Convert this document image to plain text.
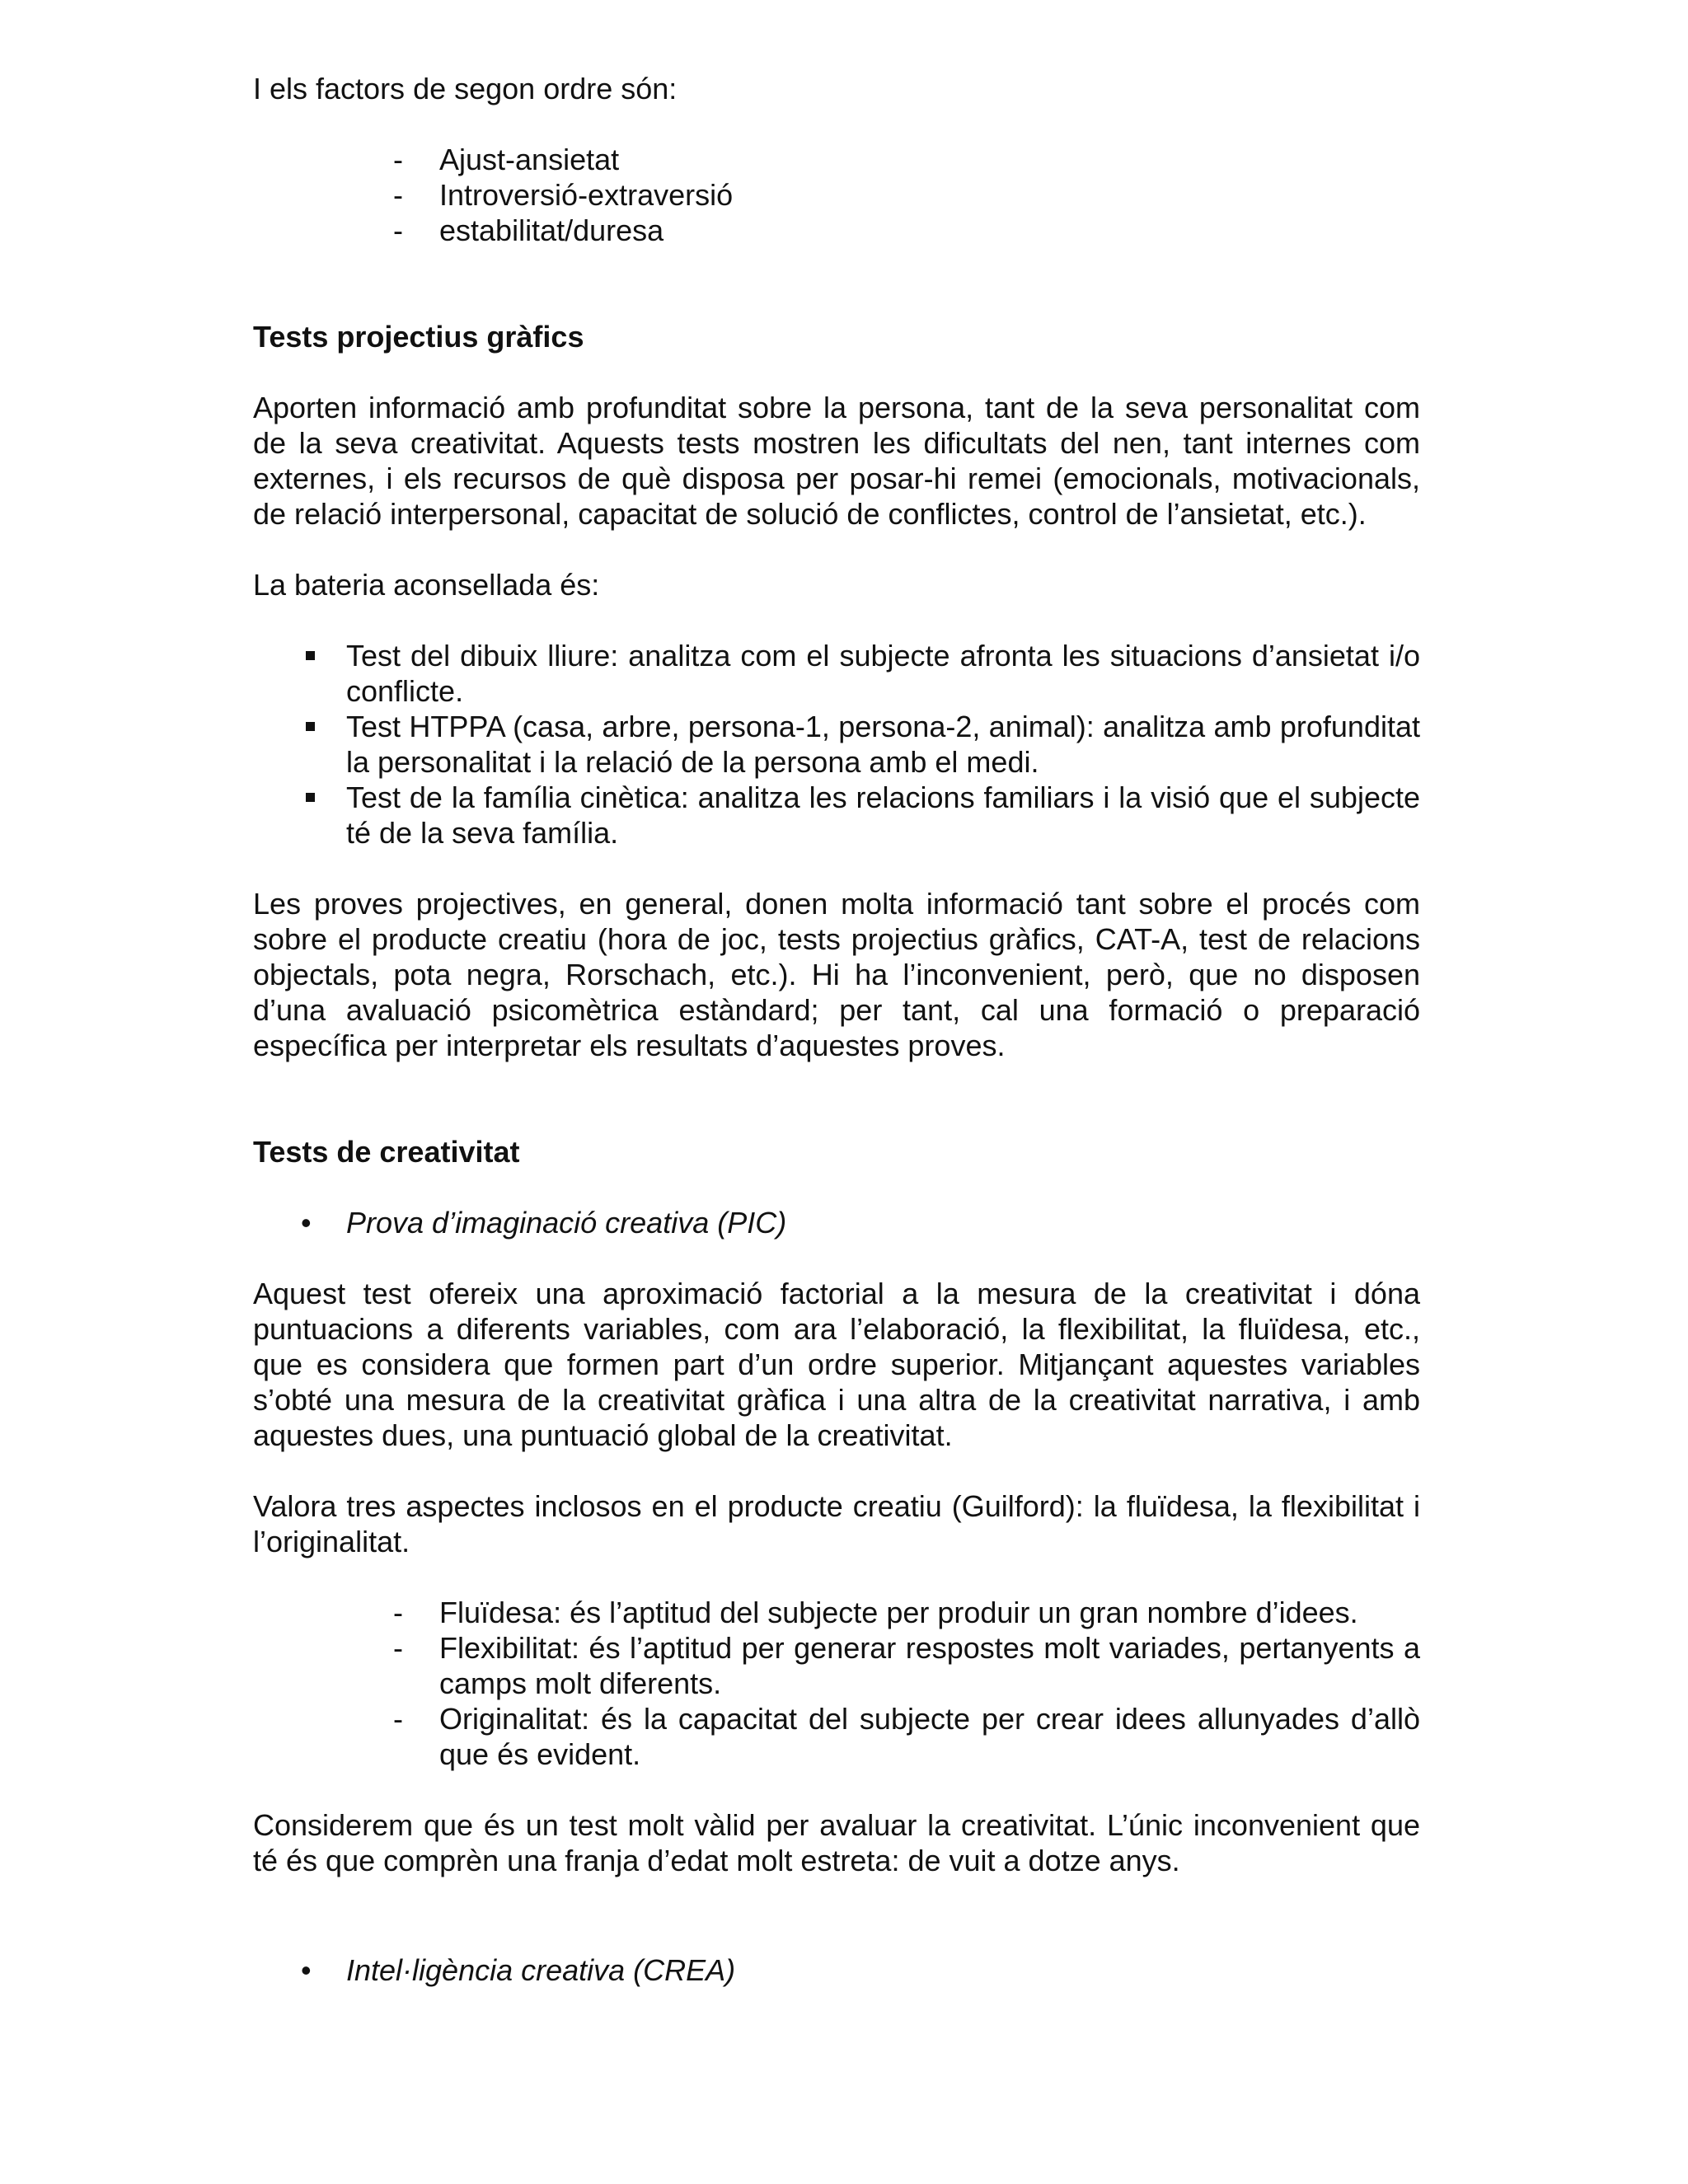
I els factors de segon ordre són:

- Ajust-ansietat
- Introversió-extraversió
- estabilitat/duresa

Tests projectius gràfics

Aporten informació amb profunditat sobre la persona, tant de la seva personalitat com de la seva creativitat. Aquests tests mostren les dificultats del nen, tant internes com externes, i els recursos de què disposa per posar-hi remei (emocionals, motivacionals, de relació interpersonal, capacitat de solució de conflictes, control de l’ansietat, etc.).

La bateria aconsellada és:

Test del dibuix lliure: analitza com el subjecte afronta les situacions d’ansietat i/o conflicte.
Test HTPPA (casa, arbre, persona-1, persona-2, animal): analitza amb profunditat la personalitat i la relació de la persona amb el medi.
Test de la família cinètica: analitza les relacions familiars i la visió que el subjecte té de la seva família.

Les proves projectives, en general, donen molta informació tant sobre el procés com sobre el producte creatiu (hora de joc, tests projectius gràfics, CAT-A, test de relacions objectals, pota negra, Rorschach, etc.). Hi ha l’inconvenient, però, que no disposen d’una avaluació psicomètrica estàndard; per tant, cal una formació o preparació específica per interpretar els resultats d’aquestes proves.

Tests de creativitat

• Prova d’imaginació creativa (PIC)

Aquest test ofereix una aproximació factorial a la mesura de la creativitat i dóna puntuacions a diferents variables, com ara l’elaboració, la flexibilitat, la fluïdesa, etc., que es considera que formen part d’un ordre superior. Mitjançant aquestes variables s’obté una mesura de la creativitat gràfica i una altra de la creativitat narrativa, i amb aquestes dues, una puntuació global de la creativitat.

Valora tres aspectes inclosos en el producte creatiu (Guilford): la fluïdesa, la flexibilitat i l’originalitat.

- Fluïdesa: és l’aptitud del subjecte per produir un gran nombre d’idees.
- Flexibilitat: és l’aptitud per generar respostes molt variades, pertanyents a camps molt diferents.
- Originalitat: és la capacitat del subjecte per crear idees allunyades d’allò que és evident.

Considerem que és un test molt vàlid per avaluar la creativitat. L’únic inconvenient que té és que comprèn una franja d’edat molt estreta: de vuit a dotze anys.

• Intel·ligència creativa (CREA)
